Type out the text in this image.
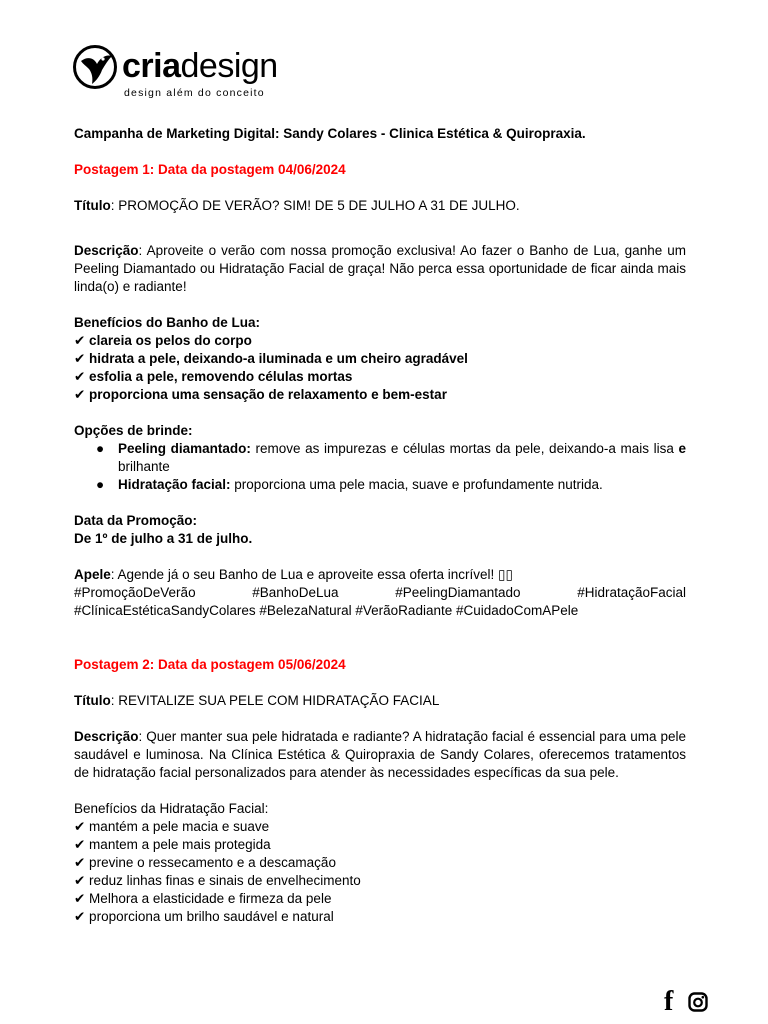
criadesign
design além do conceito

Campanha de Marketing Digital: Sandy Colares - Clinica Estética & Quiropraxia.

Postagem 1: Data da postagem 04/06/2024

Título: PROMOÇÃO DE VERÃO? SIM! DE 5 DE JULHO A 31 DE JULHO.

Descrição: Aproveite o verão com nossa promoção exclusiva! Ao fazer o Banho de Lua, ganhe um Peeling Diamantado ou Hidratação Facial de graça! Não perca essa oportunidade de ficar ainda mais linda(o) e radiante!

Benefícios do Banho de Lua:

✔ clareia os pelos do corpo

✔ hidrata a pele, deixando-a iluminada e um cheiro agradável

✔ esfolia a pele, removendo células mortas

✔ proporciona uma sensação de relaxamento e bem-estar

Opções de brinde:

● Peeling diamantado: remove as impurezas e células mortas da pele, deixando-a mais lisa e brilhante
● Hidratação facial: proporciona uma pele macia, suave e profundamente nutrida.

Data da Promoção:

De 1º de julho a 31 de julho.

Apele: Agende já o seu Banho de Lua e aproveite essa oferta incrível! ▯▯

#PromoçãoDeVerão #BanhoDeLua #PeelingDiamantado #HidrataçãoFacial #ClínicaEstéticaSandyColares #BelezaNatural #VerãoRadiante #CuidadoComAPele

Postagem 2: Data da postagem 05/06/2024

Título: REVITALIZE SUA PELE COM HIDRATAÇÃO FACIAL

Descrição: Quer manter sua pele hidratada e radiante? A hidratação facial é essencial para uma pele saudável e luminosa. Na Clínica Estética & Quiropraxia de Sandy Colares, oferecemos tratamentos de hidratação facial personalizados para atender às necessidades específicas da sua pele.

Benefícios da Hidratação Facial:

✔ mantém a pele macia e suave

✔ mantem a pele mais protegida

✔ previne o ressecamento e a descamação

✔ reduz linhas finas e sinais de envelhecimento

✔ Melhora a elasticidade e firmeza da pele

✔ proporciona um brilho saudável e natural

f
